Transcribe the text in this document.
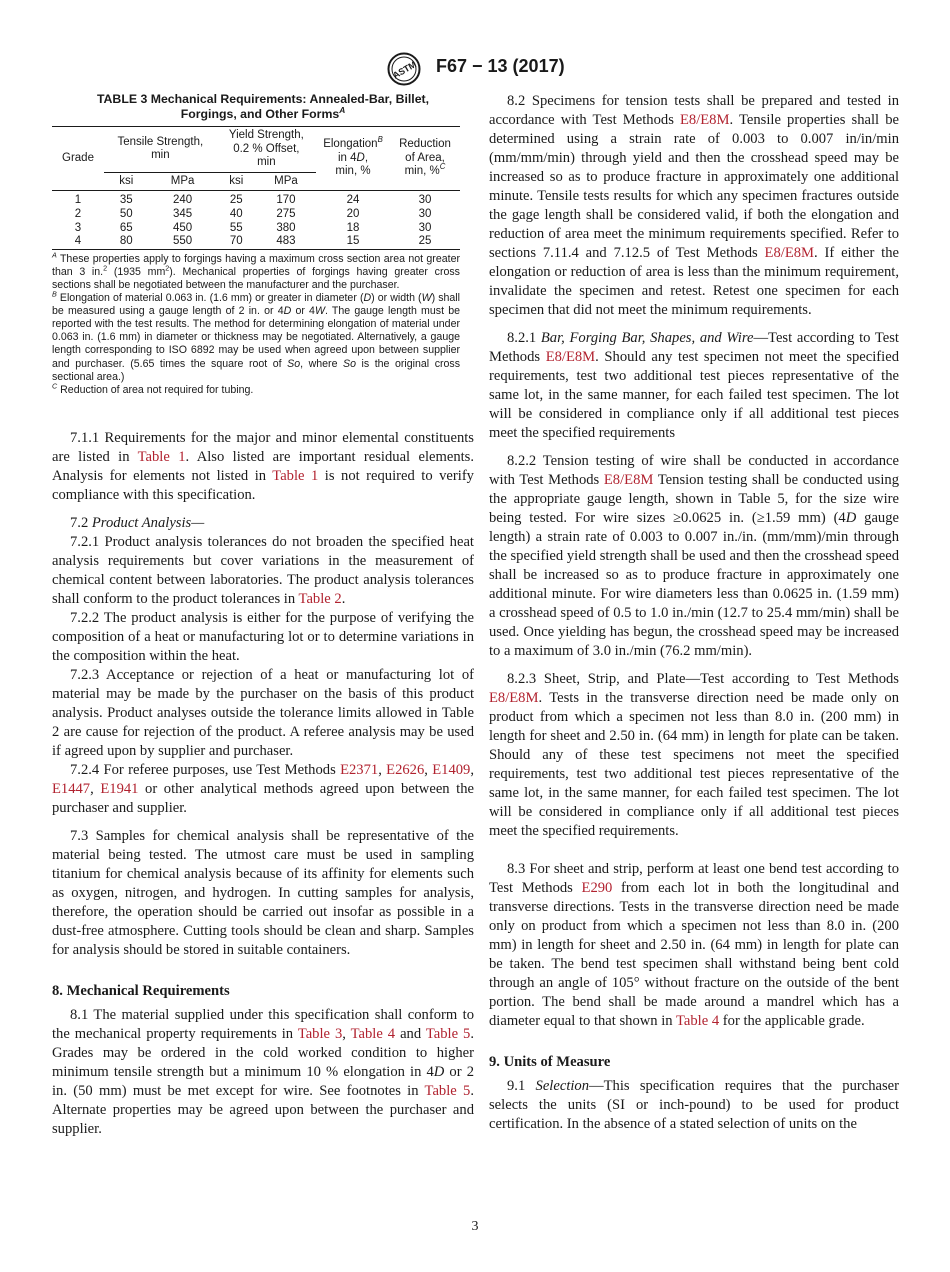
ASTM F67 − 13 (2017)
TABLE 3 Mechanical Requirements: Annealed-Bar, Billet,
Forgings, and Other Forms$^A$
Grade	Tensile Strength,
min		Yield Strength,
0.2 % Offset,
min		Elongation$^B$
in 4D,
min, %	Reduction
of Area,
min, %$^C$
	ksi	MPa	ksi	MPa		

1	35	240	25	170	24	30
2	50	345	40	275	20	30
3	65	450	55	380	18	30
4	80	550	70	483	15	25

$^A$ These properties apply to forgings having a maximum cross section area not greater than 3 in.$^2$ (1935 $mm^2$). Mechanical properties of forgings having greater cross sections shall be negotiated between the manufacturer and the purchaser.

$^B$ Elongation of material 0.063 in. (1.6 mm) or greater in diameter (D) or width (W) shall be measured using a gauge length of 2 in. or 4D or 4W. The gauge length must be reported with the test results. The method for determining elongation of material under 0.063 in. (1.6 mm) in diameter or thickness may be negotiated. Alternatively, a gauge length corresponding to ISO 6892 may be used when agreed upon between supplier and purchaser. (5.65 times the square root of So, where So is the original cross sectional area.)

$^C$ Reduction of area not required for tubing.

7.1.1 Requirements for the major and minor elemental constituents are listed in Table 1. Also listed are important residual elements. Analysis for elements not listed in Table 1 is not required to verify compliance with this specification.

7.2 Product Analysis—

7.2.1 Product analysis tolerances do not broaden the specified heat analysis requirements but cover variations in the measurement of chemical content between laboratories. The product analysis tolerances shall conform to the product tolerances in Table 2.

7.2.2 The product analysis is either for the purpose of verifying the composition of a heat or manufacturing lot or to determine variations in the composition within the heat.

7.2.3 Acceptance or rejection of a heat or manufacturing lot of material may be made by the purchaser on the basis of this product analysis. Product analyses outside the tolerance limits allowed in Table 2 are cause for rejection of the product. A referee analysis may be used if agreed upon by supplier and purchaser.

7.2.4 For referee purposes, use Test Methods E2371, E2626, E1409, E1447, E1941 or other analytical methods agreed upon between the purchaser and supplier.

7.3 Samples for chemical analysis shall be representative of the material being tested. The utmost care must be used in sampling titanium for chemical analysis because of its affinity for elements such as oxygen, nitrogen, and hydrogen. In cutting samples for analysis, therefore, the operation should be carried out insofar as possible in a dust-free atmosphere. Cutting tools should be clean and sharp. Samples for analysis should be stored in suitable containers.

8. Mechanical Requirements

8.1 The material supplied under this specification shall conform to the mechanical property requirements in Table 3, Table 4 and Table 5. Grades may be ordered in the cold worked condition to higher minimum tensile strength but a minimum 10 % elongation in 4D or 2 in. (50 mm) must be met except for wire. See footnotes in Table 5. Alternate properties may be agreed upon between the purchaser and supplier.

8.2 Specimens for tension tests shall be prepared and tested in accordance with Test Methods E8/E8M. Tensile properties shall be determined using a strain rate of 0.003 to 0.007 in/in/min (mm/mm/min) through yield and then the crosshead speed may be increased so as to produce fracture in approximately one additional minute. Tensile tests results for which any specimen fractures outside the gage length shall be considered valid, if both the elongation and reduction of area meet the minimum requirements specified. Refer to sections 7.11.4 and 7.12.5 of Test Methods E8/E8M. If either the elongation or reduction of area is less than the minimum requirement, invalidate the specimen and retest. Retest one specimen for each specimen that did not meet the minimum requirements.

8.2.1 Bar, Forging Bar, Shapes, and Wire—Test according to Test Methods E8/E8M. Should any test specimen not meet the specified requirements, test two additional test pieces representative of the same lot, in the same manner, for each failed test specimen. The lot will be considered in compliance only if all additional test pieces meet the specified requirements

8.2.2 Tension testing of wire shall be conducted in accordance with Test Methods E8/E8M Tension testing shall be conducted using the appropriate gauge length, shown in Table 5, for the size wire being tested. For wire sizes ≥0.0625 in. (≥1.59 mm) (4D gauge length) a strain rate of 0.003 to 0.007 in./in. (mm/mm)/min through the specified yield strength shall be used and then the crosshead speed shall be increased so as to produce fracture in approximately one additional minute. For wire diameters less than 0.0625 in. (1.59 mm) a crosshead speed of 0.5 to 1.0 in./min (12.7 to 25.4 mm/min) shall be used. Once yielding has begun, the crosshead speed may be increased to a maximum of 3.0 in./min (76.2 mm/min).

8.2.3 Sheet, Strip, and Plate—Test according to Test Methods E8/E8M. Tests in the transverse direction need be made only on product from which a specimen not less than 8.0 in. (200 mm) in length for sheet and 2.50 in. (64 mm) in length for plate can be taken. Should any of these test specimens not meet the specified requirements, test two additional test pieces representative of the same lot, in the same manner, for each failed test specimen. The lot will be considered in compliance only if all additional test pieces meet the specified requirements.

8.3 For sheet and strip, perform at least one bend test according to Test Methods E290 from each lot in both the longitudinal and transverse directions. Tests in the transverse direction need be made only on product from which a specimen not less than 8.0 in. (200 mm) in length for sheet and 2.50 in. (64 mm) in length for plate can be taken. The bend test specimen shall withstand being bent cold through an angle of 105° without fracture on the outside of the bent portion. The bend shall be made around a mandrel which has a diameter equal to that shown in Table 4 for the applicable grade.

9. Units of Measure

9.1 Selection—This specification requires that the purchaser selects the units (SI or inch-pound) to be used for product certification. In the absence of a stated selection of units on the

3
